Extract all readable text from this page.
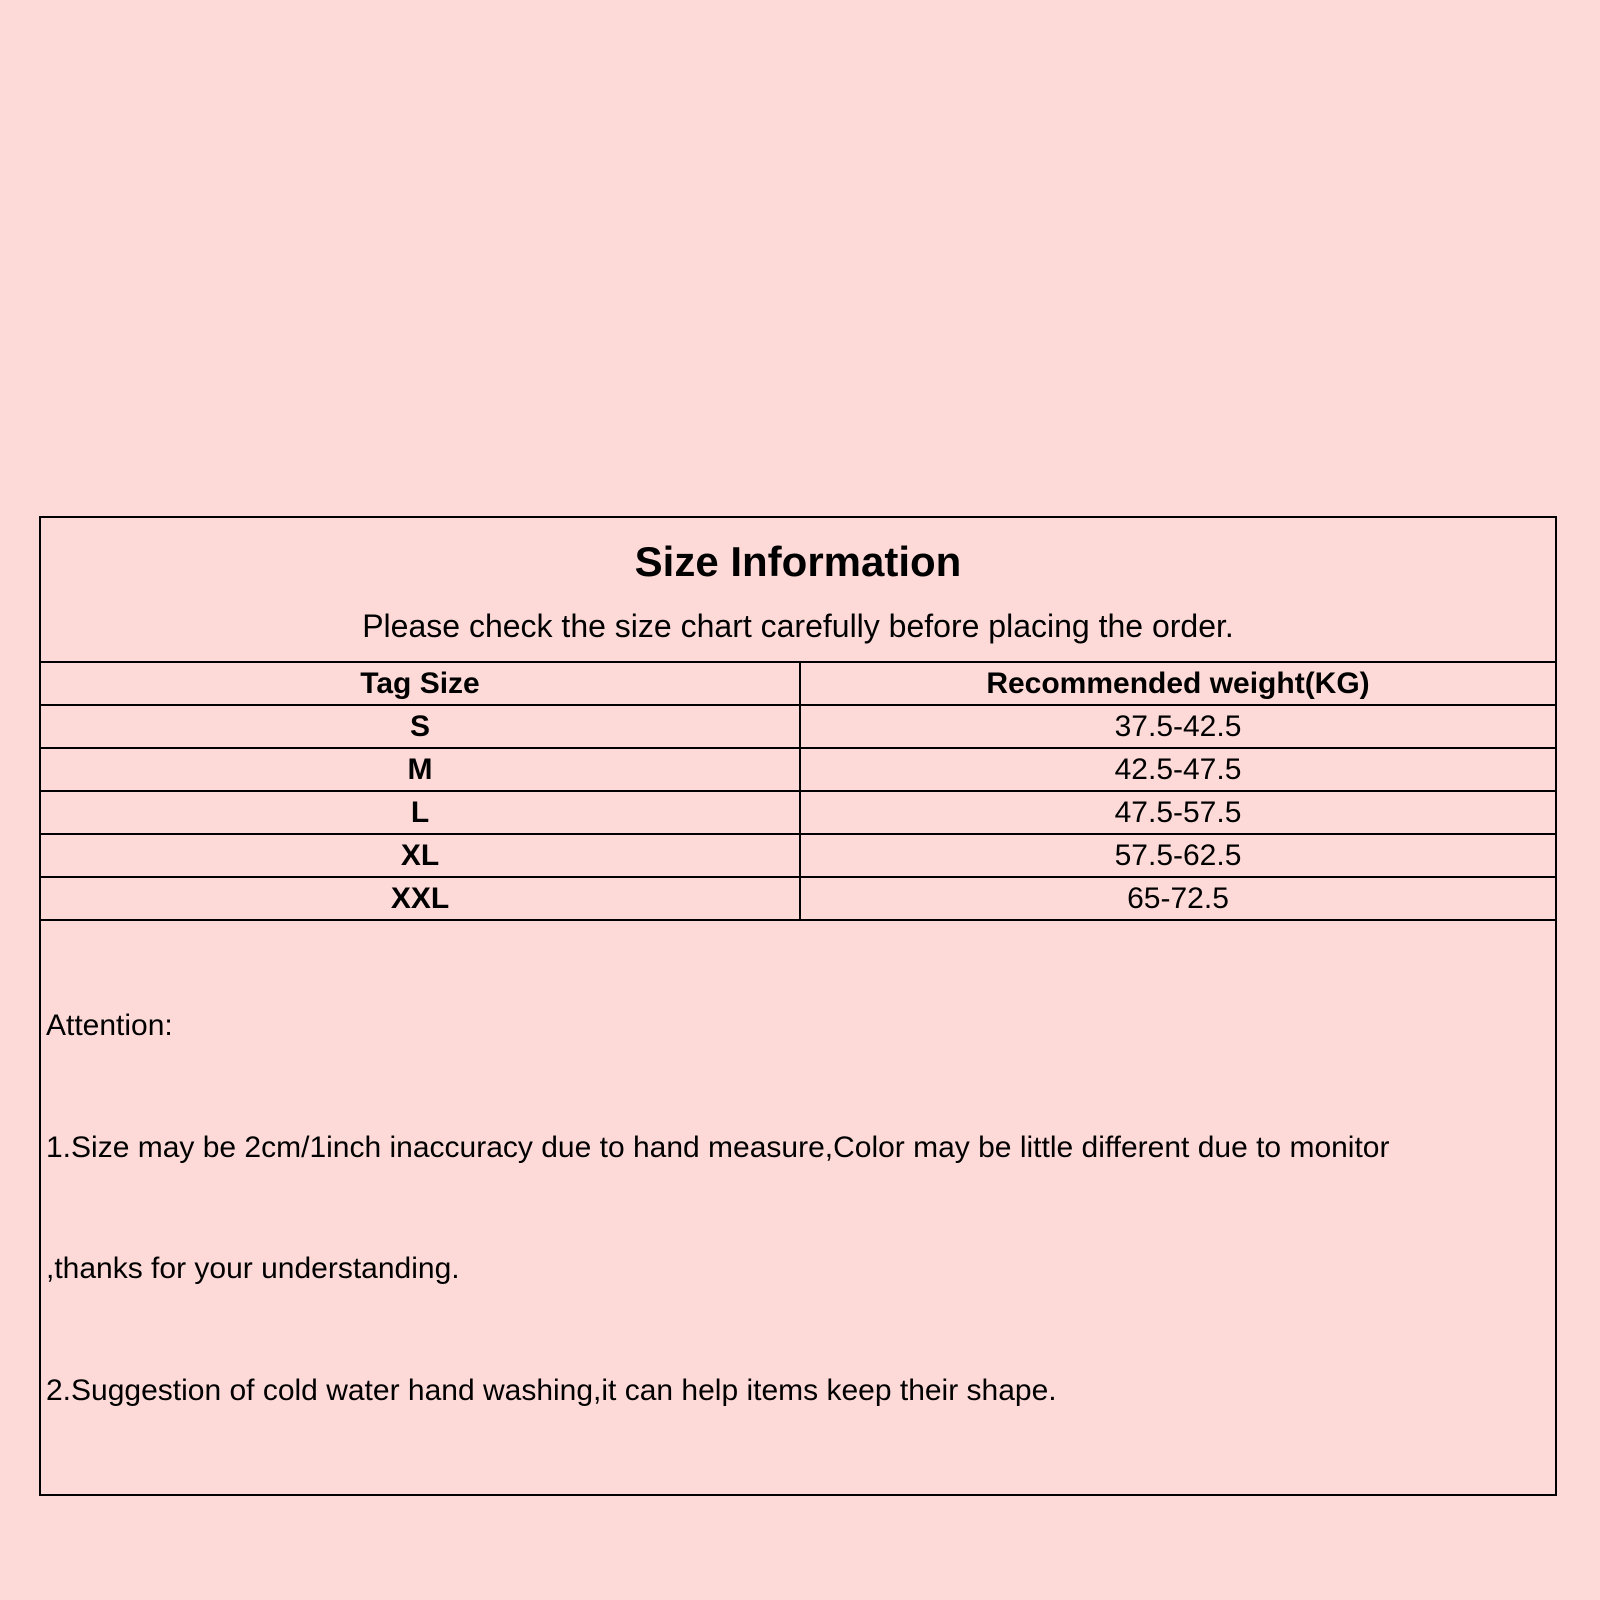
Size Information
Please check the size chart carefully before placing the order.
Tag Size	Recommended weight(KG)
S	37.5-42.5
M	42.5-47.5
L	47.5-57.5
XL	57.5-62.5
XXL	65-72.5

Attention:

1.Size may be 2cm/1inch inaccuracy due to hand measure,Color may be little different due to monitor

,thanks for your understanding.

2.Suggestion of cold water hand washing,it can help items keep their shape.
